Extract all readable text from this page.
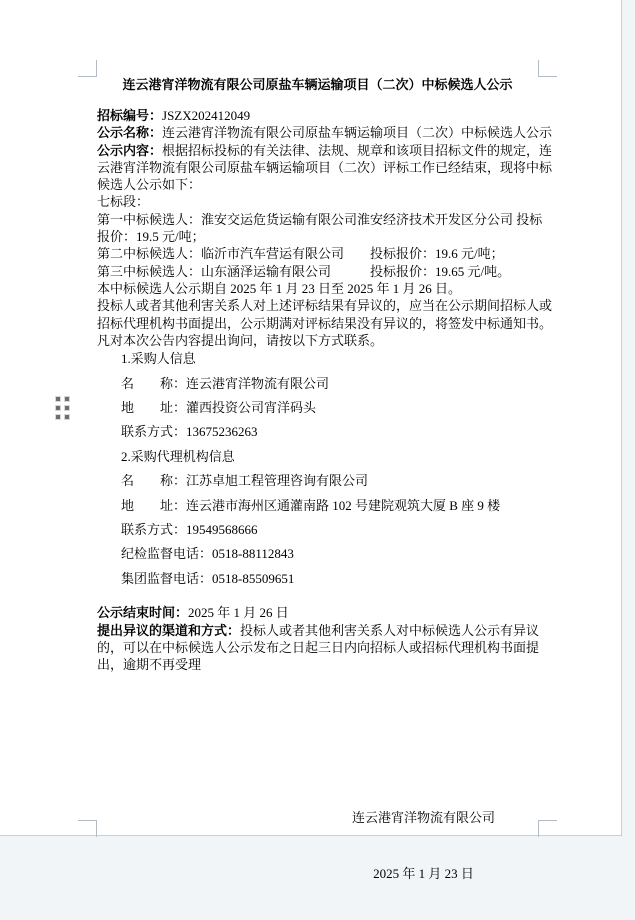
连云港宵洋物流有限公司原盐车辆运输项目（二次）中标候选人公示
招标编号：JSZX202412049
公示名称：连云港宵洋物流有限公司原盐车辆运输项目（二次）中标候选人公示
公示内容：根据招标投标的有关法律、法规、规章和该项目招标文件的规定，连
云港宵洋物流有限公司原盐车辆运输项目（二次）评标工作已经结束，现将中标
候选人公示如下：
七标段：
第一中标候选人：淮安交运危货运输有限公司淮安经济技术开发区分公司 投标
报价：19.5 元/吨；
第二中标候选人：临沂市汽车营运有限公司　　投标报价：19.6 元/吨；
第三中标候选人：山东涵泽运输有限公司　　　投标报价：19.65 元/吨。
本中标候选人公示期自 2025 年 1 月 23 日至 2025 年 1 月 26 日。
投标人或者其他利害关系人对上述评标结果有异议的，应当在公示期间招标人或
招标代理机构书面提出，公示期满对评标结果没有异议的，将签发中标通知书。
凡对本次公告内容提出询问，请按以下方式联系。
1.采购人信息
名　　称：连云港宵洋物流有限公司
地　　址：灌西投资公司宵洋码头
联系方式：13675236263
2.采购代理机构信息
名　　称：江苏卓旭工程管理咨询有限公司
地　　址：连云港市海州区通灌南路 102 号建院观筑大厦 B 座 9 楼
联系方式：19549568666
纪检监督电话：0518-88112843
集团监督电话：0518-85509651
公示结束时间：2025 年 1 月 26 日
提出异议的渠道和方式：投标人或者其他利害关系人对中标候选人公示有异议
的，可以在中标候选人公示发布之日起三日内向招标人或招标代理机构书面提
出，逾期不再受理

连云港宵洋物流有限公司

2025 年 1 月 23 日
